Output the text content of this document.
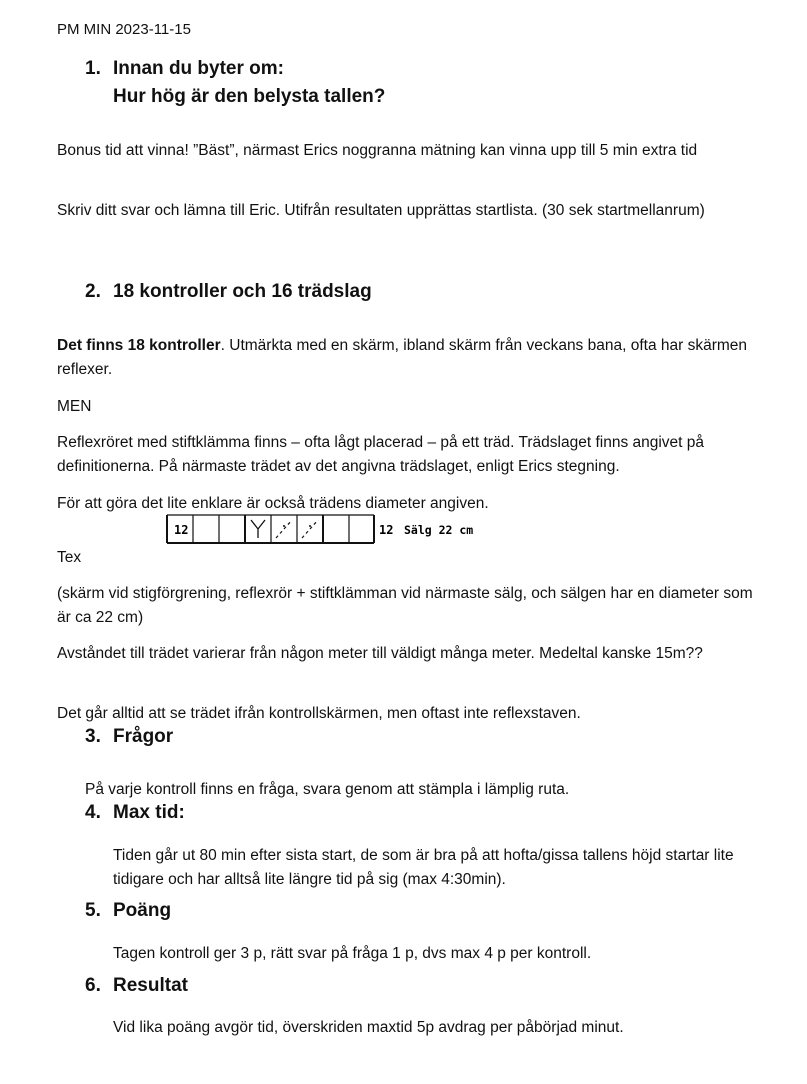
PM MIN 2023-11-15
1. Innan du byter om:
Hur hög är den belysta tallen?

Bonus tid att vinna! ”Bäst”, närmast Erics noggranna mätning kan vinna upp till 5 min extra tid

Skriv ditt svar och lämna till Eric. Utifrån resultaten upprättas startlista. (30 sek startmellanrum)

2. 18 kontroller och 16 trädslag

Det finns 18 kontroller. Utmärkta med en skärm, ibland skärm från veckans bana, ofta har skärmen reflexer.

MEN

Reflexröret med stiftklämma finns – ofta lågt placerad – på ett träd. Trädslaget finns angivet på definitionerna. På närmaste trädet av det angivna trädslaget, enligt Erics stegning.

För att göra det lite enklare är också trädens diameter angiven.

Tex

12	12 Sälg 22 cm

(skärm vid stigförgrening, reflexrör + stiftklämman vid närmaste sälg, och sälgen har en diameter som är ca 22 cm)

Avståndet till trädet varierar från någon meter till väldigt många meter. Medeltal kanske 15m??

Det går alltid att se trädet ifrån kontrollskärmen, men oftast inte reflexstaven.

3. Frågor

På varje kontroll finns en fråga, svara genom att stämpla i lämplig ruta.

4. Max tid:

Tiden går ut 80 min efter sista start, de som är bra på att hofta/gissa tallens höjd startar lite tidigare och har alltså lite längre tid på sig (max 4:30min).

5. Poäng

Tagen kontroll ger 3 p, rätt svar på fråga 1 p, dvs max 4 p per kontroll.

6. Resultat

Vid lika poäng avgör tid, överskriden maxtid 5p avdrag per påbörjad minut.
